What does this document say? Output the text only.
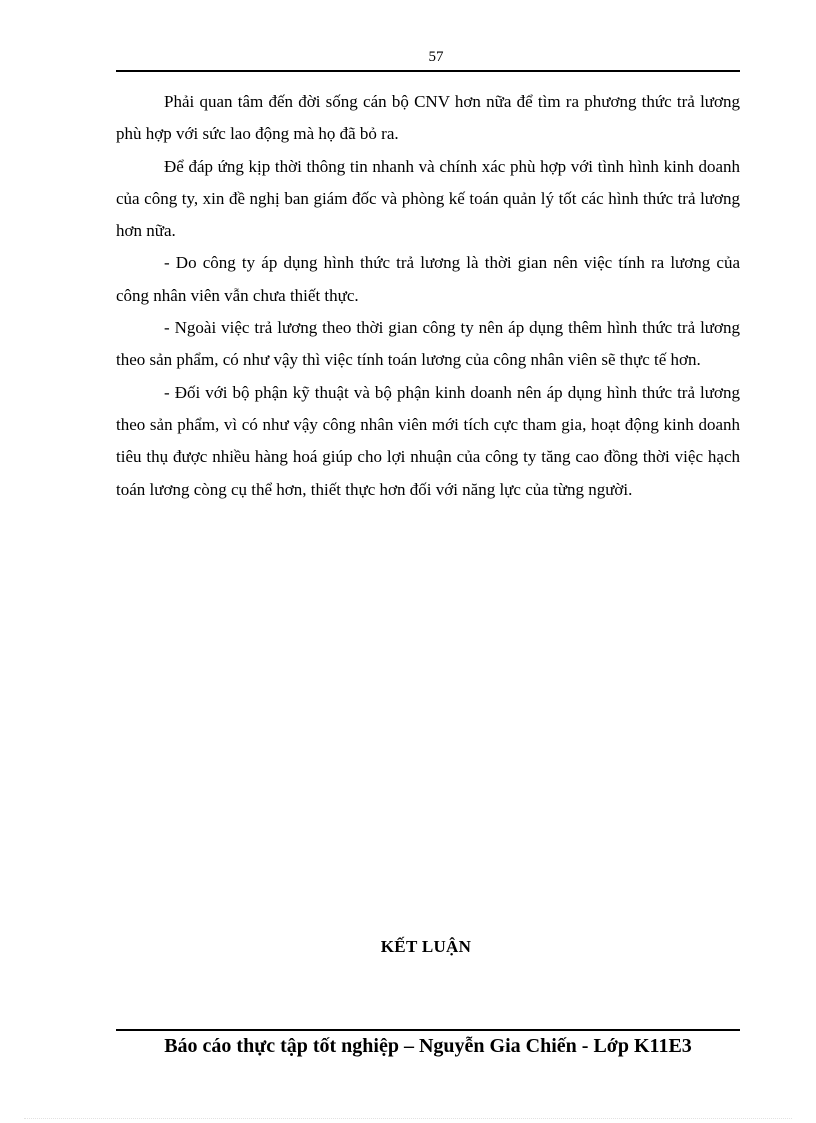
57

Phải quan tâm đến đời sống cán bộ CNV hơn nữa để tìm ra phương thức trả lương phù hợp với sức lao động mà họ đã bỏ ra.

Để đáp ứng kịp thời thông tin nhanh và chính xác phù hợp với tình hình kinh doanh của công ty, xin đề nghị ban giám đốc và phòng kế toán quản lý tốt các hình thức trả lương hơn nữa.

- Do công ty áp dụng hình thức trả lương là thời gian nên việc tính ra lương của công nhân viên vẫn chưa thiết thực.

- Ngoài việc trả lương theo thời gian công ty nên áp dụng thêm hình thức trả lương theo sản phẩm, có như vậy thì việc tính toán lương của công nhân viên sẽ thực tế hơn.

- Đối với bộ phận kỹ thuật và bộ phận kinh doanh nên áp dụng hình thức trả lương theo sản phẩm, vì có như vậy công nhân viên mới tích cực tham gia, hoạt động kinh doanh tiêu thụ được nhiều hàng hoá giúp cho lợi nhuận của công ty tăng cao đồng thời việc hạch toán lương còng cụ thể hơn, thiết thực hơn đối với năng lực của từng người.

KẾT LUẬN
Báo cáo thực tập tốt nghiệp – Nguyễn Gia Chiến - Lớp K11E3
